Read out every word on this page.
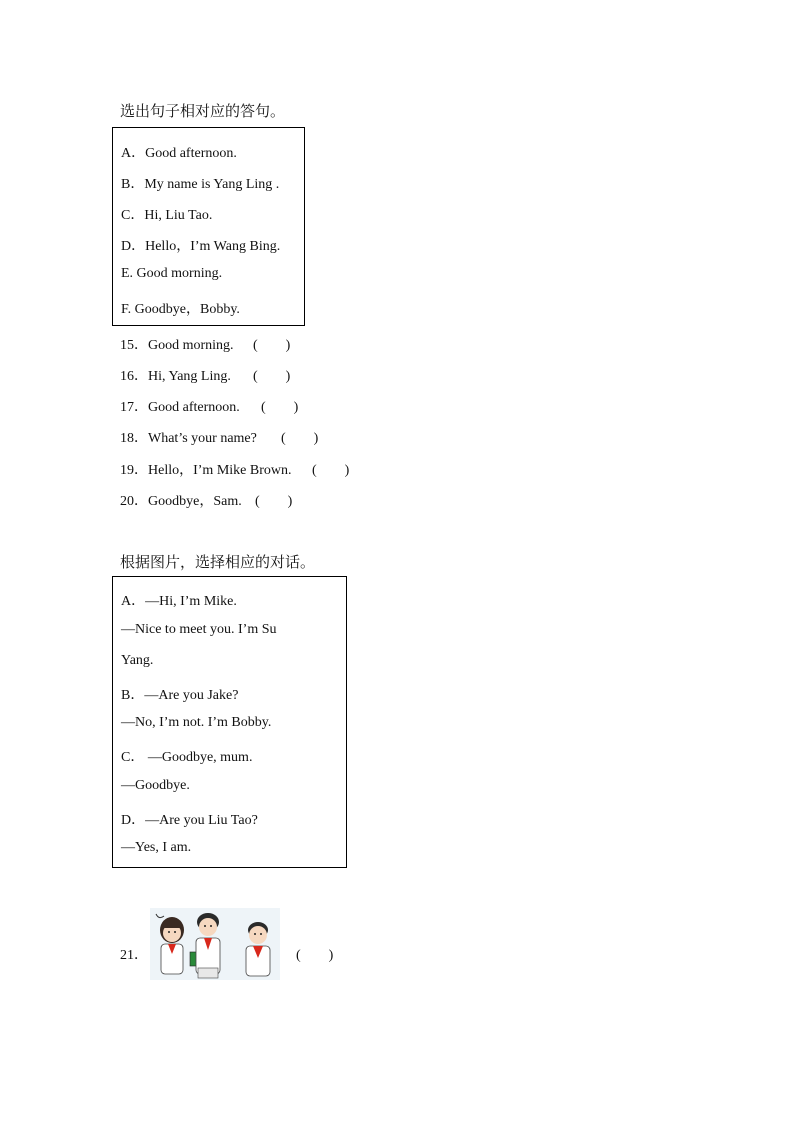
选出句子相对应的答句。
A．Good afternoon.
B．My name is Yang Ling .
C．Hi, Liu Tao.
D．Hello，I’m Wang Bing.
E. Good morning.
F. Goodbye，Bobby.
15．Good morning. (　　)
16．Hi, Yang Ling. (　　)
17．Good afternoon. (　　)
18．What’s your name? (　　)
19．Hello，I’m Mike Brown. (　　)
20．Goodbye，Sam. (　　)
根据图片，选择相应的对话。
A．—Hi, I’m Mike.
—Nice to meet you. I’m Su
Yang.
B．—Are you Jake?
—No, I’m not. I’m Bobby.
C． —Goodbye, mum.
—Goodbye.
D．—Are you Liu Tao?
—Yes, I am.
21．	(　　)
